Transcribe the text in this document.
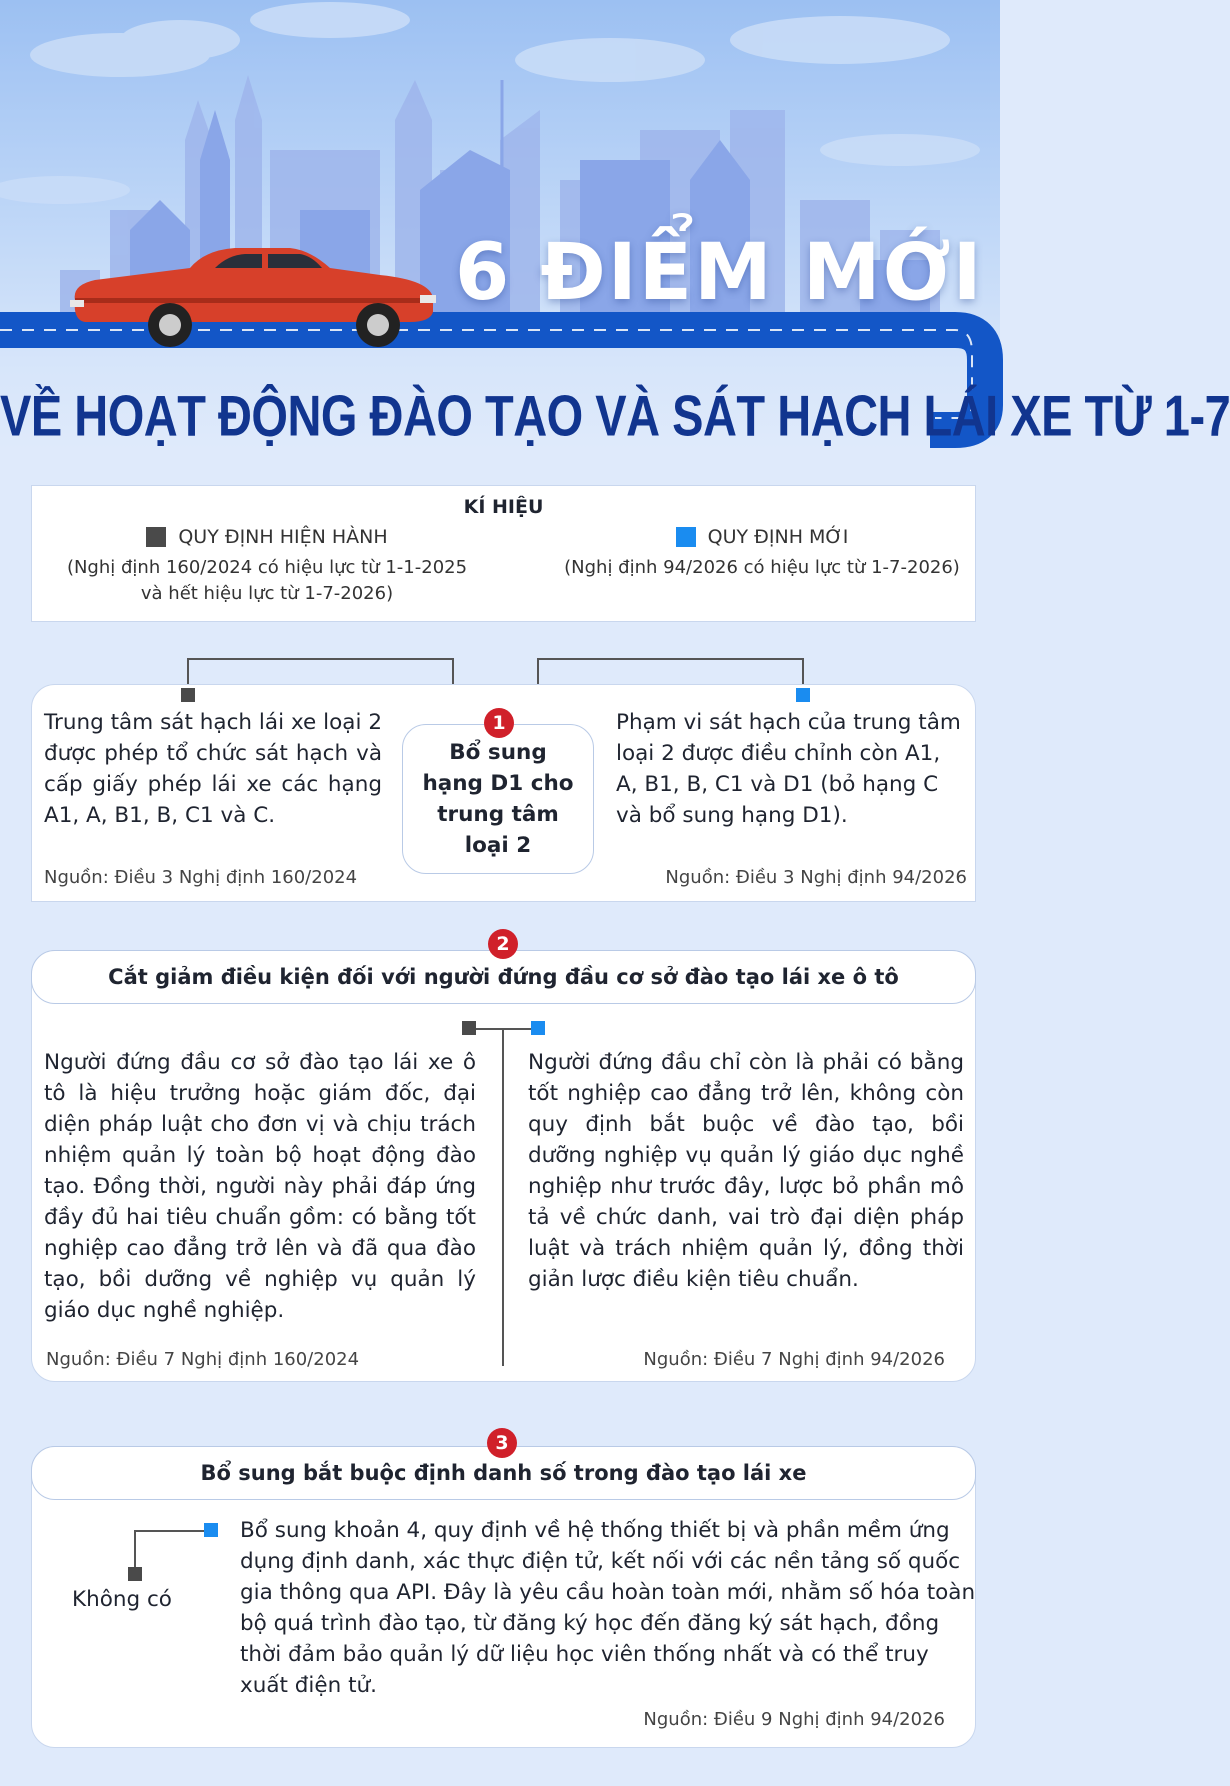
6 ĐIỂM MỚI
VỀ HOẠT ĐỘNG ĐÀO TẠO VÀ SÁT HẠCH LÁI XE TỪ 1-7
KÍ HIỆU
QUY ĐỊNH HIỆN HÀNH
(Nghị định 160/2024 có hiệu lực từ 1-1-2025
và hết hiệu lực từ 1-7-2026)
QUY ĐỊNH MỚI
(Nghị định 94/2026 có hiệu lực từ 1-7-2026)
Trung tâm sát hạch lái xe loại 2 được phép tổ chức sát hạch và cấp giấy phép lái xe các hạng A1, A, B1, B, C1 và C.
Phạm vi sát hạch của trung tâm loại 2 được điều chỉnh còn A1, A, B1, B, C1 và D1 (bỏ hạng C và bổ sung hạng D1).
Nguồn: Điều 3 Nghị định 160/2024	Nguồn: Điều 3 Nghị định 94/2026
Bổ sung hạng D1 cho trung tâm loại 2
1
Người đứng đầu cơ sở đào tạo lái xe ô tô là hiệu trưởng hoặc giám đốc, đại diện pháp luật cho đơn vị và chịu trách nhiệm quản lý toàn bộ hoạt động đào tạo. Đồng thời, người này phải đáp ứng đầy đủ hai tiêu chuẩn gồm: có bằng tốt nghiệp cao đẳng trở lên và đã qua đào tạo, bồi dưỡng về nghiệp vụ quản lý giáo dục nghề nghiệp.
Người đứng đầu chỉ còn là phải có bằng tốt nghiệp cao đẳng trở lên, không còn quy định bắt buộc về đào tạo, bồi dưỡng nghiệp vụ quản lý giáo dục nghề nghiệp như trước đây, lược bỏ phần mô tả về chức danh, vai trò đại diện pháp luật và trách nhiệm quản lý, đồng thời giản lược điều kiện tiêu chuẩn.
Nguồn: Điều 7 Nghị định 160/2024	Nguồn: Điều 7 Nghị định 94/2026
Cắt giảm điều kiện đối với người đứng đầu cơ sở đào tạo lái xe ô tô
2
Không có
Bổ sung khoản 4, quy định về hệ thống thiết bị và phần mềm ứng dụng định danh, xác thực điện tử, kết nối với các nền tảng số quốc gia thông qua API. Đây là yêu cầu hoàn toàn mới, nhằm số hóa toàn bộ quá trình đào tạo, từ đăng ký học đến đăng ký sát hạch, đồng thời đảm bảo quản lý dữ liệu học viên thống nhất và có thể truy xuất điện tử.
Nguồn: Điều 9 Nghị định 94/2026
Bổ sung bắt buộc định danh số trong đào tạo lái xe
3
